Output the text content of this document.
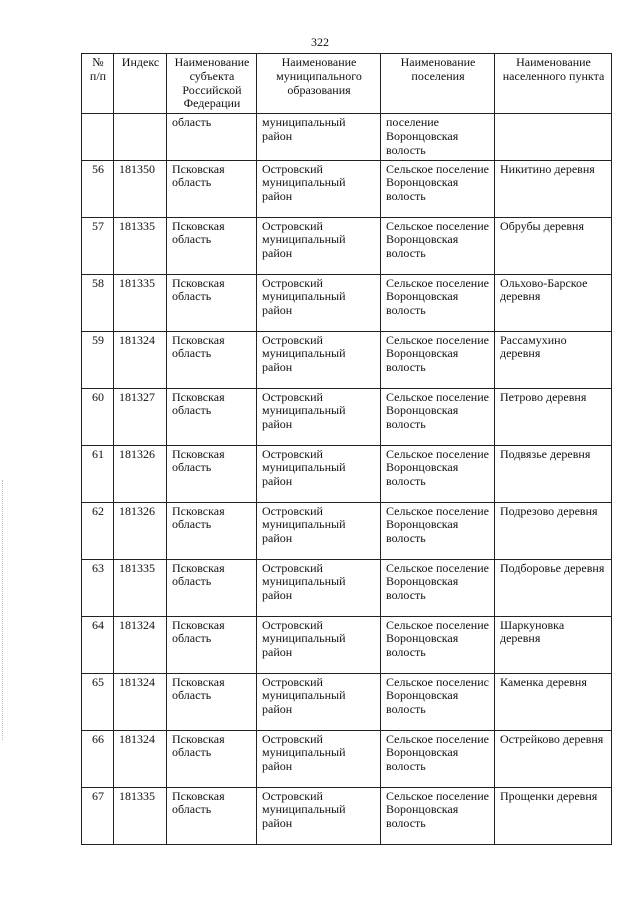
322
№ п/п	Индекс	Наименование субъекта Российской Федерации	Наименование муниципального образования	Наименование поселения	Наименование населенного пункта
		область	муниципальный район	поселение Воронцовская волость	
56	181350	Псковская область	Островский муниципальный район	Сельское поселение Воронцовская волость	Никитино деревня
57	181335	Псковская область	Островский муниципальный район	Сельское поселение Воронцовская волость	Обрубы деревня
58	181335	Псковская область	Островский муниципальный район	Сельское поселение Воронцовская волость	Ольхово-Барское деревня
59	181324	Псковская область	Островский муниципальный район	Сельское поселение Воронцовская волость	Рассамухино деревня
60	181327	Псковская область	Островский муниципальный район	Сельское поселение Воронцовская волость	Петрово деревня
61	181326	Псковская область	Островский муниципальный район	Сельское поселение Воронцовская волость	Подвязье деревня
62	181326	Псковская область	Островский муниципальный район	Сельское поселение Воронцовская волость	Подрезово деревня
63	181335	Псковская область	Островский муниципальный район	Сельское поселение Воронцовская волость	Подборовье деревня
64	181324	Псковская область	Островский муниципальный район	Сельское поселение Воронцовская волость	Шаркуновка деревня
65	181324	Псковская область	Островский муниципальный район	Сельское поселенис Воронцовская волость	Каменка деревня
66	181324	Псковская область	Островский муниципальный район	Сельское поселение Воронцовская волость	Острейково деревня
67	181335	Псковская область	Островский муниципальный район	Сельское поселение Воронцовская волость	Прощенки деревня
